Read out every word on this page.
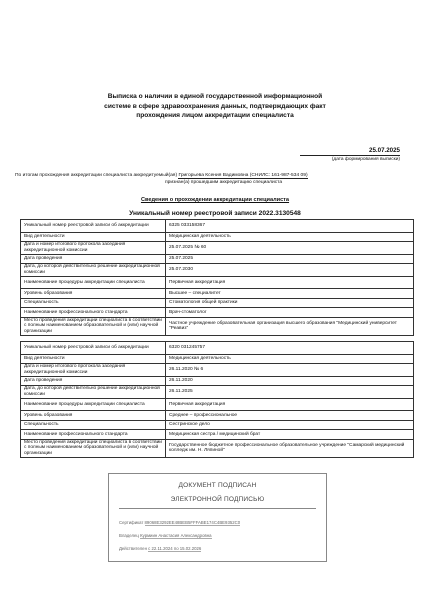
Выписка о наличии в единой государственной информационной
системе в сфере здравоохранения данных, подтверждающих факт
прохождения лицом аккредитации специалиста
25.07.2025
(дата формирования выписки)
По итогам прохождения аккредитации специалиста аккредитуемый(ая) Григорьева Ксения Вадимовна (СНИЛС: 161-987-534 09)
признан(а) прошедшим аккредитацию специалиста
Сведения о прохождении аккредитации специалиста
Уникальный номер реестровой записи 2022.3130548
Уникальный номер реестровой записи об аккредитации	6325 033158367
Вид деятельности	Медицинская деятельность
Дата и номер итогового протокола заседания аккредитационной комиссии	25.07.2025 № 60
Дата проведения	25.07.2025
Дата, до которой действительно решение аккредитационной комиссии	25.07.2030
Наименование процедуры аккредитации специалиста	Первичная аккредитация
Уровень образования	Высшее – специалитет
Специальность	Стоматология общей практики
Наименование профессионального стандарта	Врач-стоматолог
Место проведения аккредитации специалиста в соответствии с полным наименованием образовательной и (или) научной организации	Частное учреждение образовательная организация высшего образования "Медицинский университет "Реавиз"
Уникальный номер реестровой записи об аккредитации	6320 031245757
Вид деятельности	Медицинская деятельность
Дата и номер итогового протокола заседания аккредитационной комиссии	26.11.2020 № 6
Дата проведения	26.11.2020
Дата, до которой действительно решение аккредитационной комиссии	26.11.2025
Наименование процедуры аккредитации специалиста	Первичная аккредитация
Уровень образования	Среднее – профессиональное
Специальность	Сестринское дело
Наименование профессионального стандарта	Медицинская сестра / медицинский брат
Место проведения аккредитации специалиста в соответствии с полным наименованием образовательной и (или) научной организации	Государственное бюджетное профессиональное образовательное учреждение "Самарский медицинский колледж им. Н. Ляпиной"
ДОКУМЕНТ ПОДПИСАН
ЭЛЕКТРОННОЙ ПОДПИСЬЮ
Сертификат 89068E3292EE48BEB5FFFABE174C4BE9352C0
Владелец Курмиин Анастасия Александровна
Действителен с 22.11.2024 по 15.02.2026
